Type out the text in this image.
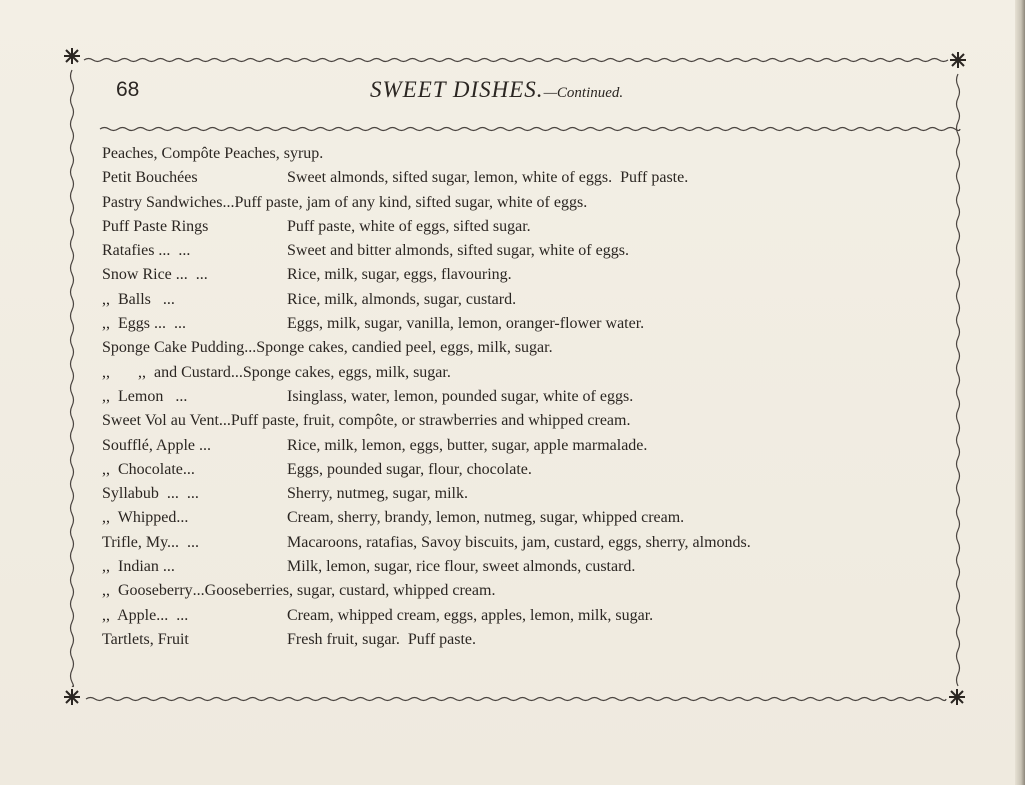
68	SWEET DISHES.—Continued.
Peaches, Compôte Peaches, syrup.
Petit Bouchées	Sweet almonds, sifted sugar, lemon, white of eggs.  Puff paste.
Pastry Sandwiches...Puff paste, jam of any kind, sifted sugar, white of eggs.
Puff Paste Rings	Puff paste, white of eggs, sifted sugar.
Ratafies ...  ...	Sweet and bitter almonds, sifted sugar, white of eggs.
Snow Rice ...  ...	Rice, milk, sugar, eggs, flavouring.
,,  Balls   ...	Rice, milk, almonds, sugar, custard.
,,  Eggs ...  ...	Eggs, milk, sugar, vanilla, lemon, oranger-flower water.
Sponge Cake Pudding...Sponge cakes, candied peel, eggs, milk, sugar.
,,       ,,  and Custard...Sponge cakes, eggs, milk, sugar.
,,  Lemon   ...	Isinglass, water, lemon, pounded sugar, white of eggs.
Sweet Vol au Vent...Puff paste, fruit, compôte, or strawberries and whipped cream.
Soufflé, Apple ...	Rice, milk, lemon, eggs, butter, sugar, apple marmalade.
,,  Chocolate...	Eggs, pounded sugar, flour, chocolate.
Syllabub  ...  ...	Sherry, nutmeg, sugar, milk.
,,  Whipped...	Cream, sherry, brandy, lemon, nutmeg, sugar, whipped cream.
Trifle, My...  ...	Macaroons, ratafias, Savoy biscuits, jam, custard, eggs, sherry, almonds.
,,  Indian ...	Milk, lemon, sugar, rice flour, sweet almonds, custard.
,,  Gooseberry...Gooseberries, sugar, custard, whipped cream.
,,  Apple...  ...	Cream, whipped cream, eggs, apples, lemon, milk, sugar.
Tartlets, Fruit	Fresh fruit, sugar.  Puff paste.
